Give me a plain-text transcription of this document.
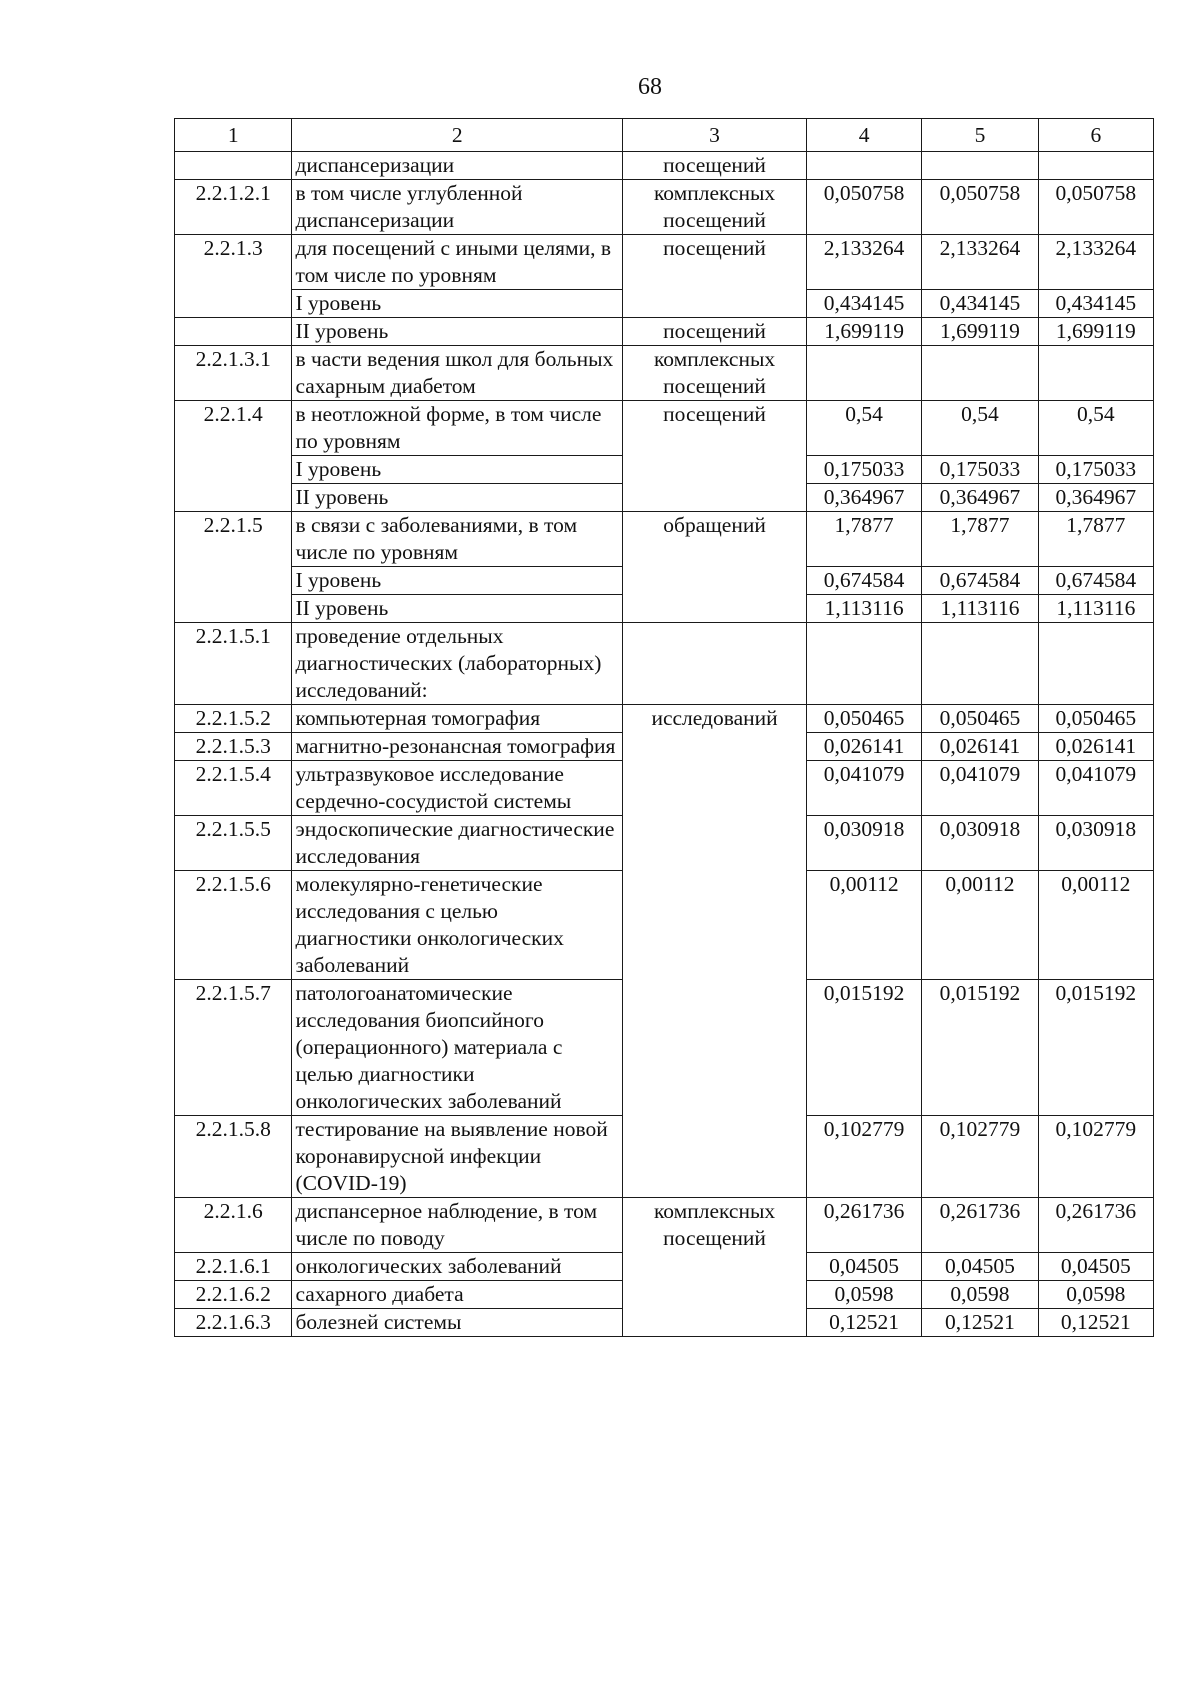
68
1	2	3	4	5	6
	диспансеризации	посещений			
2.2.1.2.1	в том числе углубленной диспансеризации	комплексных посещений	0,050758	0,050758	0,050758
2.2.1.3	для посещений с иными целями, в том числе по уровням	посещений	2,133264	2,133264	2,133264
	I уровень		0,434145	0,434145	0,434145
	II уровень	посещений	1,699119	1,699119	1,699119
2.2.1.3.1	в части ведения школ для больных сахарным диабетом	комплексных посещений			
2.2.1.4	в неотложной форме, в том числе по уровням	посещений	0,54	0,54	0,54
	I уровень		0,175033	0,175033	0,175033
	II уровень		0,364967	0,364967	0,364967
2.2.1.5	в связи с заболеваниями, в том числе по уровням	обращений	1,7877	1,7877	1,7877
	I уровень		0,674584	0,674584	0,674584
	II уровень		1,113116	1,113116	1,113116
2.2.1.5.1	проведение отдельных диагностических (лабораторных) исследований:				
2.2.1.5.2	компьютерная томография	исследований	0,050465	0,050465	0,050465
2.2.1.5.3	магнитно-резонансная томография		0,026141	0,026141	0,026141
2.2.1.5.4	ультразвуковое исследование сердечно-сосудистой системы		0,041079	0,041079	0,041079
2.2.1.5.5	эндоскопические диагностические исследования		0,030918	0,030918	0,030918
2.2.1.5.6	молекулярно-генетические исследования с целью диагностики онкологических заболеваний		0,00112	0,00112	0,00112
2.2.1.5.7	патологоанатомические исследования биопсийного (операционного) материала с целью диагностики онкологических заболеваний		0,015192	0,015192	0,015192
2.2.1.5.8	тестирование на выявление новой коронавирусной инфекции (COVID-19)		0,102779	0,102779	0,102779
2.2.1.6	диспансерное наблюдение, в том числе по поводу	комплексных посещений	0,261736	0,261736	0,261736
2.2.1.6.1	онкологических заболеваний		0,04505	0,04505	0,04505
2.2.1.6.2	сахарного диабета		0,0598	0,0598	0,0598
2.2.1.6.3	болезней системы		0,12521	0,12521	0,12521
